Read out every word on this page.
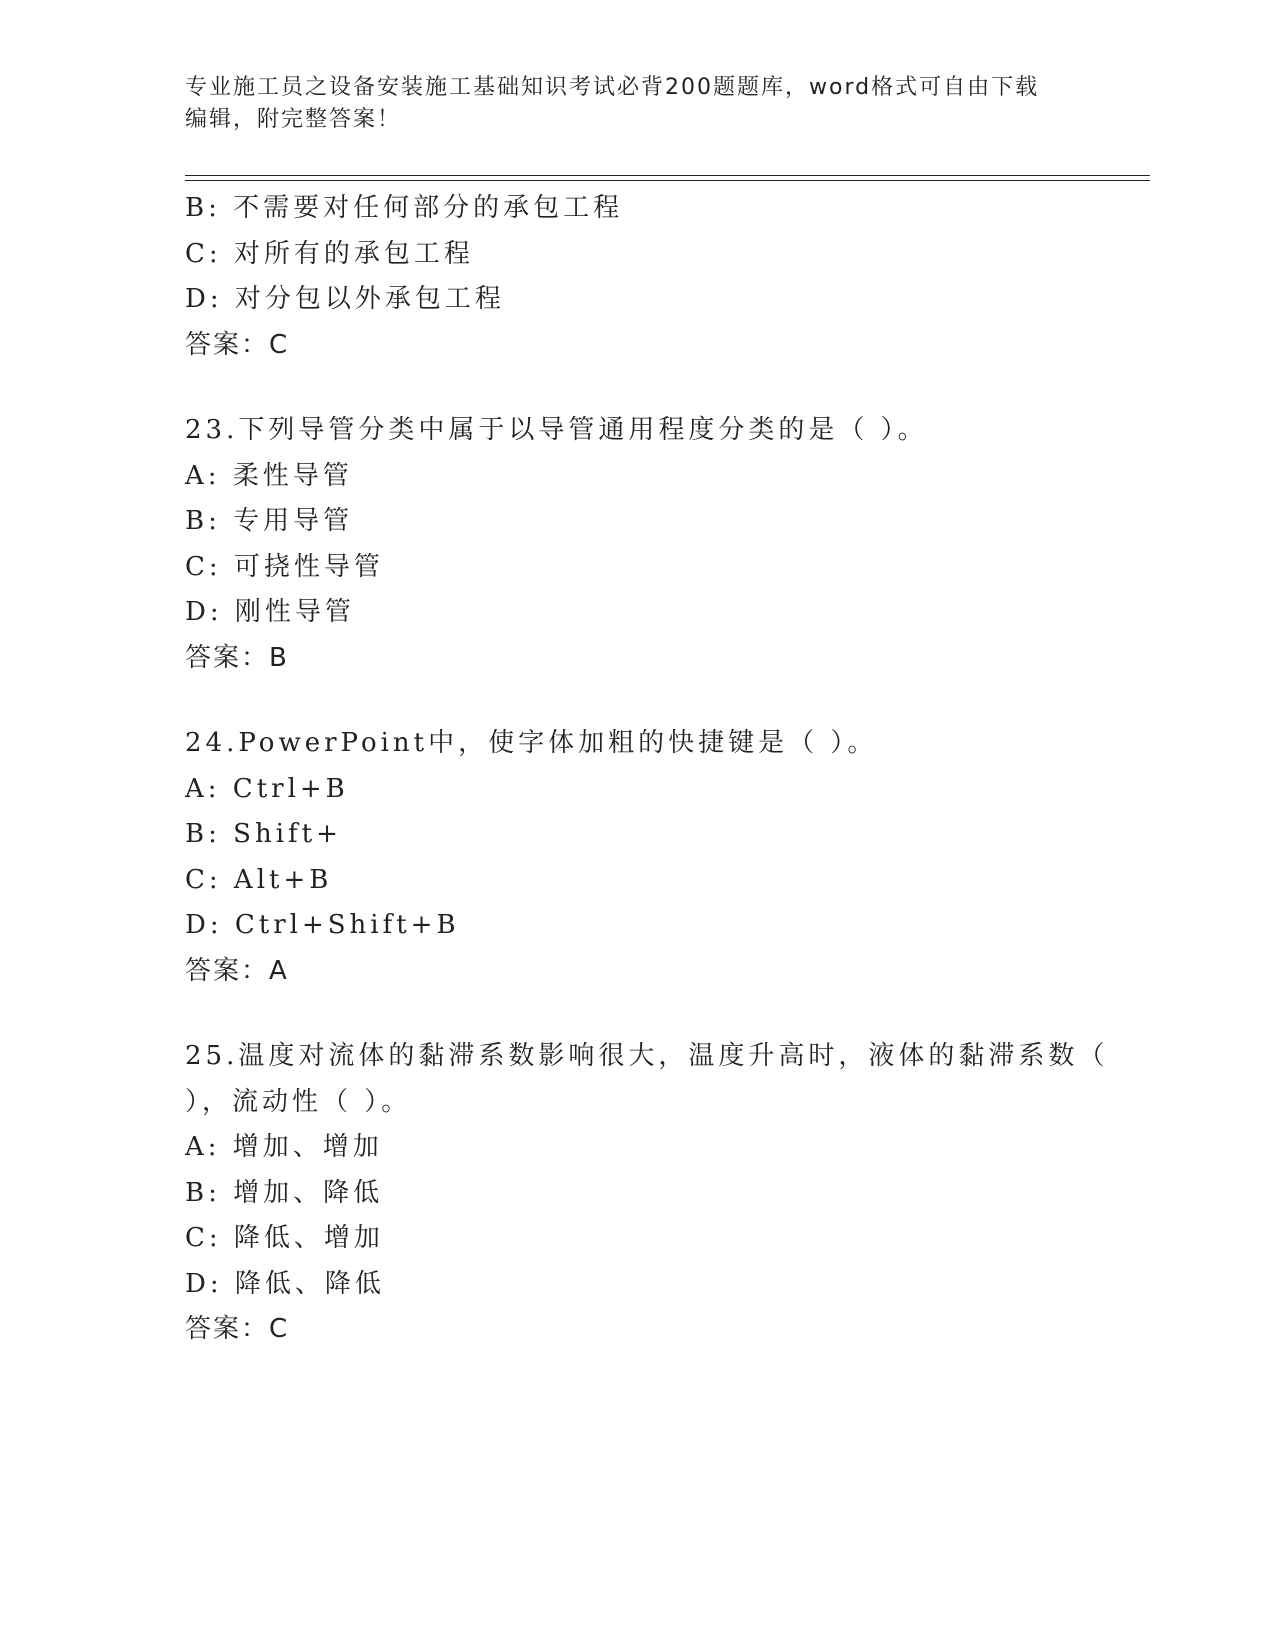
专业施工员之设备安装施工基础知识考试必背200题题库，word格式可自由下载
编辑，附完整答案！
B: 不需要对任何部分的承包工程
C: 对所有的承包工程
D: 对分包以外承包工程
答案：C
23.下列导管分类中属于以导管通用程度分类的是（ ）。
A: 柔性导管
B: 专用导管
C: 可挠性导管
D: 刚性导管
答案：B
24.PowerPoint中，使字体加粗的快捷键是（ ）。
A: Ctrl+B
B: Shift+
C: Alt+B
D: Ctrl+Shift+B
答案：A
25.温度对流体的黏滞系数影响很大，温度升高时，液体的黏滞系数（
），流动性（ ）。
A: 增加、增加
B: 增加、降低
C: 降低、增加
D: 降低、降低
答案：C
